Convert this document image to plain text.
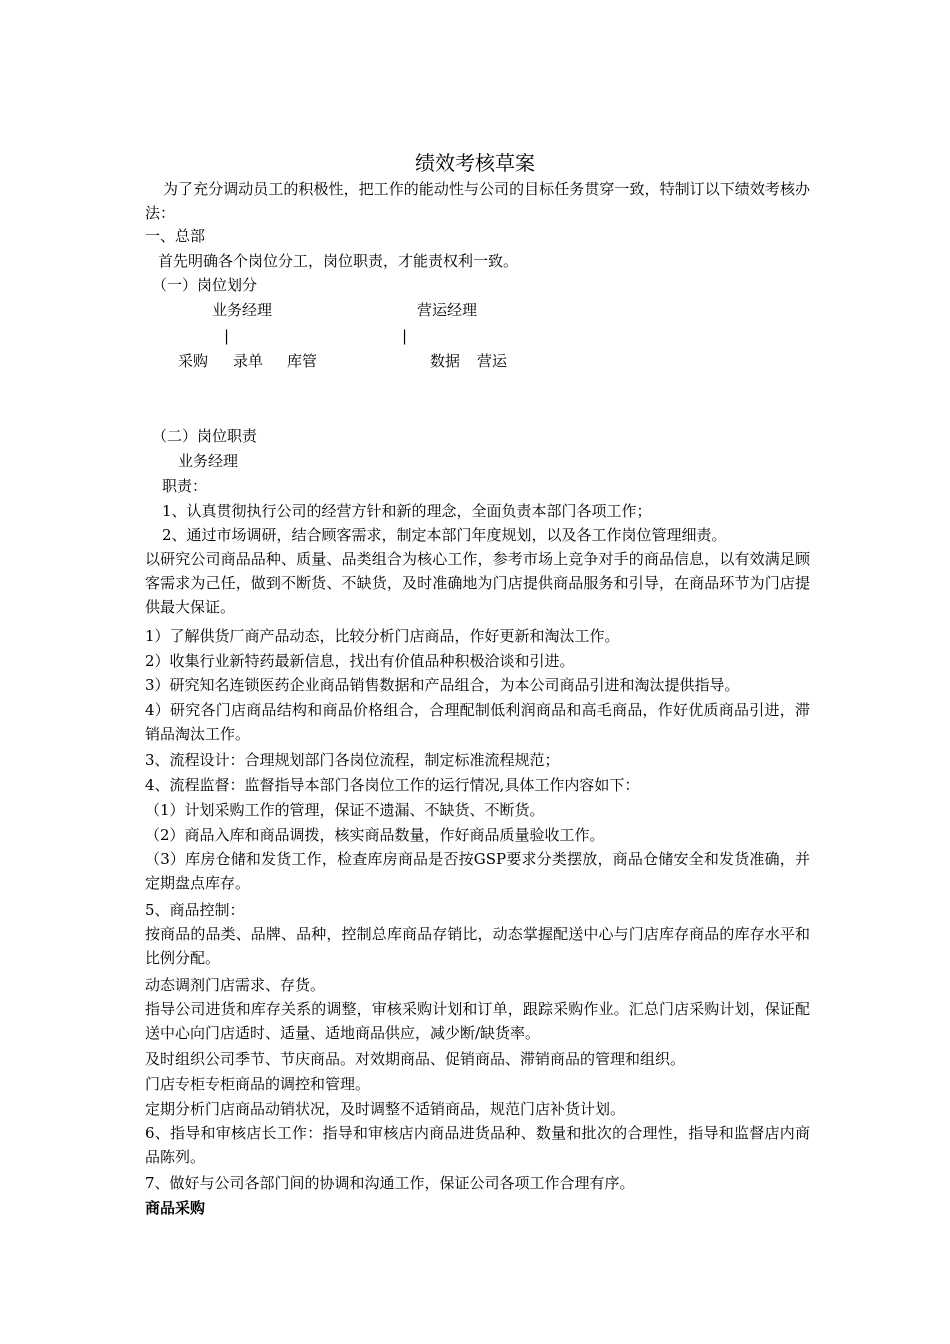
绩效考核草案
为了充分调动员工的积极性，把工作的能动性与公司的目标任务贯穿一致，特制订以下绩效考核办法：
一、总部
首先明确各个岗位分工，岗位职责，才能责权利一致。
（一）岗位划分
业务经理	营运经理
|	|
采购 录单 库管	数据 营运
（二）岗位职责
业务经理
职责：
1、认真贯彻执行公司的经营方针和新的理念，全面负责本部门各项工作；
2、通过市场调研，结合顾客需求，制定本部门年度规划，以及各工作岗位管理细责。
以研究公司商品品种、质量、品类组合为核心工作，参考市场上竞争对手的商品信息，以有效满足顾客需求为己任，做到不断货、不缺货，及时准确地为门店提供商品服务和引导，在商品环节为门店提供最大保证。
1）了解供货厂商产品动态，比较分析门店商品，作好更新和淘汰工作。
2）收集行业新特药最新信息，找出有价值品种积极洽谈和引进。
3）研究知名连锁医药企业商品销售数据和产品组合，为本公司商品引进和淘汰提供指导。
4）研究各门店商品结构和商品价格组合，合理配制低利润商品和高毛商品，作好优质商品引进，滞销品淘汰工作。
3、流程设计：合理规划部门各岗位流程，制定标准流程规范；
4、流程监督：监督指导本部门各岗位工作的运行情况,具体工作内容如下：
（1）计划采购工作的管理，保证不遗漏、不缺货、不断货。
（2）商品入库和商品调拨，核实商品数量，作好商品质量验收工作。
（3）库房仓储和发货工作，检查库房商品是否按GSP要求分类摆放，商品仓储安全和发货准确，并定期盘点库存。
5、商品控制：
按商品的品类、品牌、品种，控制总库商品存销比，动态掌握配送中心与门店库存商品的库存水平和比例分配。
动态调剂门店需求、存货。
指导公司进货和库存关系的调整，审核采购计划和订单，跟踪采购作业。汇总门店采购计划，保证配送中心向门店适时、适量、适地商品供应，减少断/缺货率。
及时组织公司季节、节庆商品。对效期商品、促销商品、滞销商品的管理和组织。
门店专柜专柜商品的调控和管理。
定期分析门店商品动销状况，及时调整不适销商品，规范门店补货计划。
6、指导和审核店长工作：指导和审核店内商品进货品种、数量和批次的合理性，指导和监督店内商品陈列。
7、做好与公司各部门间的协调和沟通工作，保证公司各项工作合理有序。
商品采购
